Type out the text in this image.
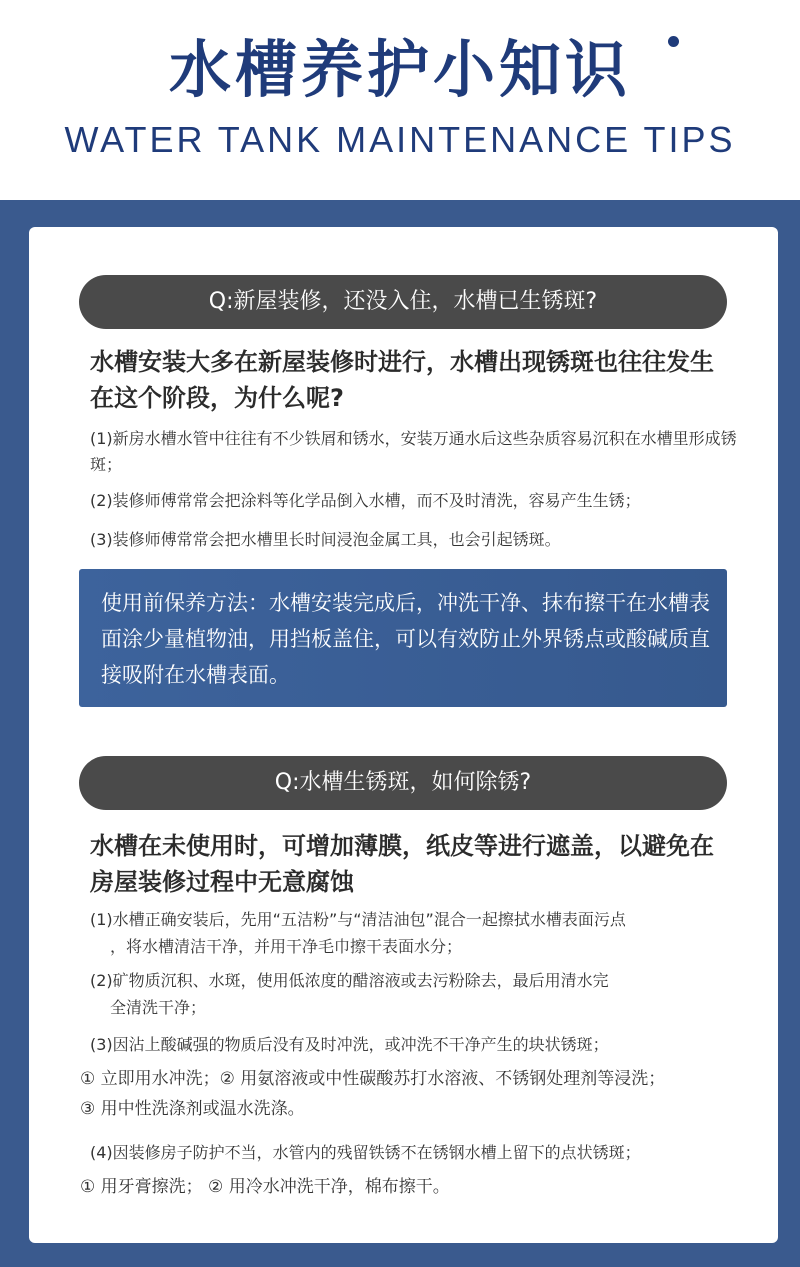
水槽养护小知识
WATER TANK MAINTENANCE TIPS
Q:新屋装修，还没入住，水槽已生锈斑?
水槽安装大多在新屋装修时进行，水槽出现锈斑也往往发生在这个阶段，为什么呢?
(1)新房水槽水管中往往有不少铁屑和锈水，安装万通水后这些杂质容易沉积在水槽里形成锈斑；
(2)装修师傅常常会把涂料等化学品倒入水槽，而不及时清洗，容易产生生锈；
(3)装修师傅常常会把水槽里长时间浸泡金属工具，也会引起锈斑。
使用前保养方法：水槽安装完成后，冲洗干净、抹布擦干在水槽表面涂少量植物油，用挡板盖住，可以有效防止外界锈点或酸碱质直接吸附在水槽表面。
Q:水槽生锈斑，如何除锈?
水槽在未使用时，可增加薄膜，纸皮等进行遮盖，以避免在房屋装修过程中无意腐蚀
(1)水槽正确安装后，先用“五洁粉”与“清洁油包”混合一起擦拭水槽表面污点
，将水槽清洁干净，并用干净毛巾擦干表面水分；
(2)矿物质沉积、水斑，使用低浓度的醋溶液或去污粉除去，最后用清水完
全清洗干净；
(3)因沾上酸碱强的物质后没有及时冲洗，或冲洗不干净产生的块状锈斑；
① 立即用水冲洗；② 用氨溶液或中性碳酸苏打水溶液、不锈钢处理剂等浸洗；
③ 用中性洗涤剂或温水洗涤。
(4)因装修房子防护不当，水管内的残留铁锈不在锈钢水槽上留下的点状锈斑；
① 用牙膏擦洗； ② 用冷水冲洗干净，棉布擦干。
